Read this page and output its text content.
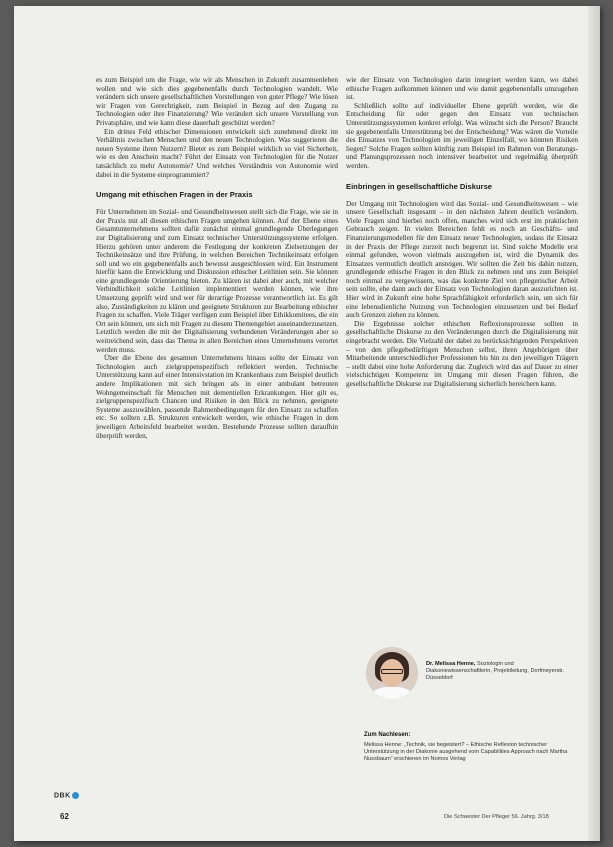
es zum Beispiel um die Frage, wie wir als Menschen in Zukunft zusammenleben wollen und wie sich dies gegebenenfalls durch Technologien wandelt. Wie verändern sich unsere gesellschaftlichen Vorstellungen von guter Pflege? Wie lösen wir Fragen von Gerechtigkeit, zum Beispiel in Bezug auf den Zugang zu Technologien oder ihre Finanzierung? Wie verändert sich unsere Vorstellung von Privatsphäre, und wie kann diese dauerhaft geschützt werden?

Ein drittes Feld ethischer Dimensionen entwickelt sich zunehmend direkt im Verhältnis zwischen Menschen und den neuen Technologien. Was suggerieren die neuen Systeme ihren Nutzern? Bietet es zum Beispiel wirklich so viel Sicherheit, wie es den Anschein macht? Führt der Einsatz von Technologien für die Nutzer tatsächlich zu mehr Autonomie? Und welches Verständnis von Autonomie wird dabei in die Systeme einprogrammiert?

Umgang mit ethischen Fragen in der Praxis

Für Unternehmen im Sozial- und Gesundheitswesen stellt sich die Frage, wie sie in der Praxis mit all diesen ethischen Fragen umgehen können. Auf der Ebene eines Gesamtunternehmens sollten dafür zunächst einmal grundlegende Überlegungen zur Digitalisierung und zum Einsatz technischer Unterstützungssysteme erfolgen. Hierzu gehören unter anderem die Festlegung der konkreten Zielsetzungen der Technikeinsätze und ihre Prüfung, in welchen Bereichen Technikeinsatz erfolgen soll und wo ein gegebenenfalls auch bewusst ausgeschlossen wird. Ein Instrument hierfür kann die Entwicklung und Diskussion ethischer Leitlinien sein. Sie können eine grundlegende Orientierung bieten. Zu klären ist dabei aber auch, mit welcher Verbindlichkeit solche Leitlinien implementiert werden können, wie ihre Umsetzung geprüft wird und wer für derartige Prozesse verantwortlich ist. Es gilt also, Zuständigkeiten zu klären und geeignete Strukturen zur Bearbeitung ethischer Fragen zu schaffen. Viele Träger verfügen zum Beispiel über Ethikkomitees, die ein Ort sein können, um sich mit Fragen zu diesem Themengebiet auseinanderzusetzen. Letztlich werden die mit der Digitalisierung verbundenen Veränderungen aber so weitreichend sein, dass das Thema in allen Bereichen eines Unternehmens verortet werden muss.

Über die Ebene des gesamten Unternehmens hinaus sollte der Einsatz von Technologien auch zielgruppenspezifisch reflektiert werden. Technische Unterstützung kann auf einer Intensivstation im Krankenhaus zum Beispiel deutlich andere Implikationen mit sich bringen als in einer ambulant betreuten Wohngemeinschaft für Menschen mit dementiellen Erkrankungen. Hier gilt es, zielgruppenspezifisch Chancen und Risiken in den Blick zu nehmen, geeignete Systeme auszuwählen, passende Rahmenbedingungen für den Einsatz zu schaffen etc. So sollten z.B. Strukturen entwickelt werden, wie ethische Fragen in dem jeweiligen Arbeitsfeld bearbeitet werden. Bestehende Prozesse sollten daraufhin überprüft werden,

wie der Einsatz von Technologien darin integriert werden kann, wo dabei ethische Fragen aufkommen können und wie damit gegebenenfalls umzugehen ist.

Schließlich sollte auf individueller Ebene geprüft werden, wie die Entscheidung für oder gegen den Einsatz von technischen Unterstützungssystemen konkret erfolgt. Was wünscht sich die Person? Braucht sie gegebenenfalls Unterstützung bei der Entscheidung? Was wären die Vorteile des Einsatzes von Technologien im jeweiligen Einzelfall, wo könnten Risiken liegen? Solche Fragen sollten künftig zum Beispiel im Rahmen von Beratungs- und Planungsprozessen noch intensiver bearbeitet und regelmäßig überprüft werden.

Einbringen in gesellschaftliche Diskurse

Der Umgang mit Technologien wird das Sozial- und Gesundheitswesen – wie unsere Gesellschaft insgesamt – in den nächsten Jahren deutlich verändern. Viele Fragen sind hierbei noch offen, manches wird sich erst im praktischen Gebrauch zeigen. In vielen Bereichen fehlt es noch an Geschäfts- und Finanzierungsmodellen für den Einsatz neuer Technologien, sodass ihr Einsatz in der Praxis der Pflege zurzeit noch begrenzt ist. Sind solche Modelle erst einmal gefunden, wovon vielmals auszugehen ist, wird die Dynamik des Einsatzes vermutlich deutlich ansteigen. Wir sollten die Zeit bis dahin nutzen, grundlegende ethische Fragen in den Blick zu nehmen und uns zum Beispiel noch einmal zu vergewissern, was das konkrete Ziel von pflegerischer Arbeit sein sollte, ehe dann auch der Einsatz von Technologien daran auszurichten ist. Hier wird in Zukunft eine hohe Sprachfähigkeit erforderlich sein, um sich für eine lebensdienliche Nutzung von Technologien einzusetzen und bei Bedarf auch Grenzen ziehen zu können.

Die Ergebnisse solcher ethischen Reflexionsprozesse sollten in gesellschaftliche Diskurse zu den Veränderungen durch die Digitalisierung mit eingebracht werden. Die Vielzahl der dabei zu berücksichtigenden Perspektiven – von den pflegebedürftigen Menschen selbst, ihren Angehörigen über Mitarbeitende unterschiedlicher Professionen bis hin zu den jeweiligen Trägern – stellt dabei eine hohe Anforderung dar. Zugleich wird das auf Dauer zu einer vielschichtigen Kompetenz im Umgang mit diesen Fragen führen, die gesellschaftliche Diskurse zur Digitalisierung sicherlich bereichern kann.

Dr. Melissa Henne, Soziologin und Diakoniewissenschaftlerin, Projektleitung, Dorfmeyerstr. Düsseldorf
Zum Nachlesen:
Melissa Henne: „Technik, sie begeistert? – Ethische Reflexion technischer Unterstützung in der Diakonie ausgehend vom Capabilities Approach nach Martha Nussbaum“ erschienen im Nomos Verlag
DBK
62	Die Schwester Der Pfleger 56. Jahrg. 3/18
